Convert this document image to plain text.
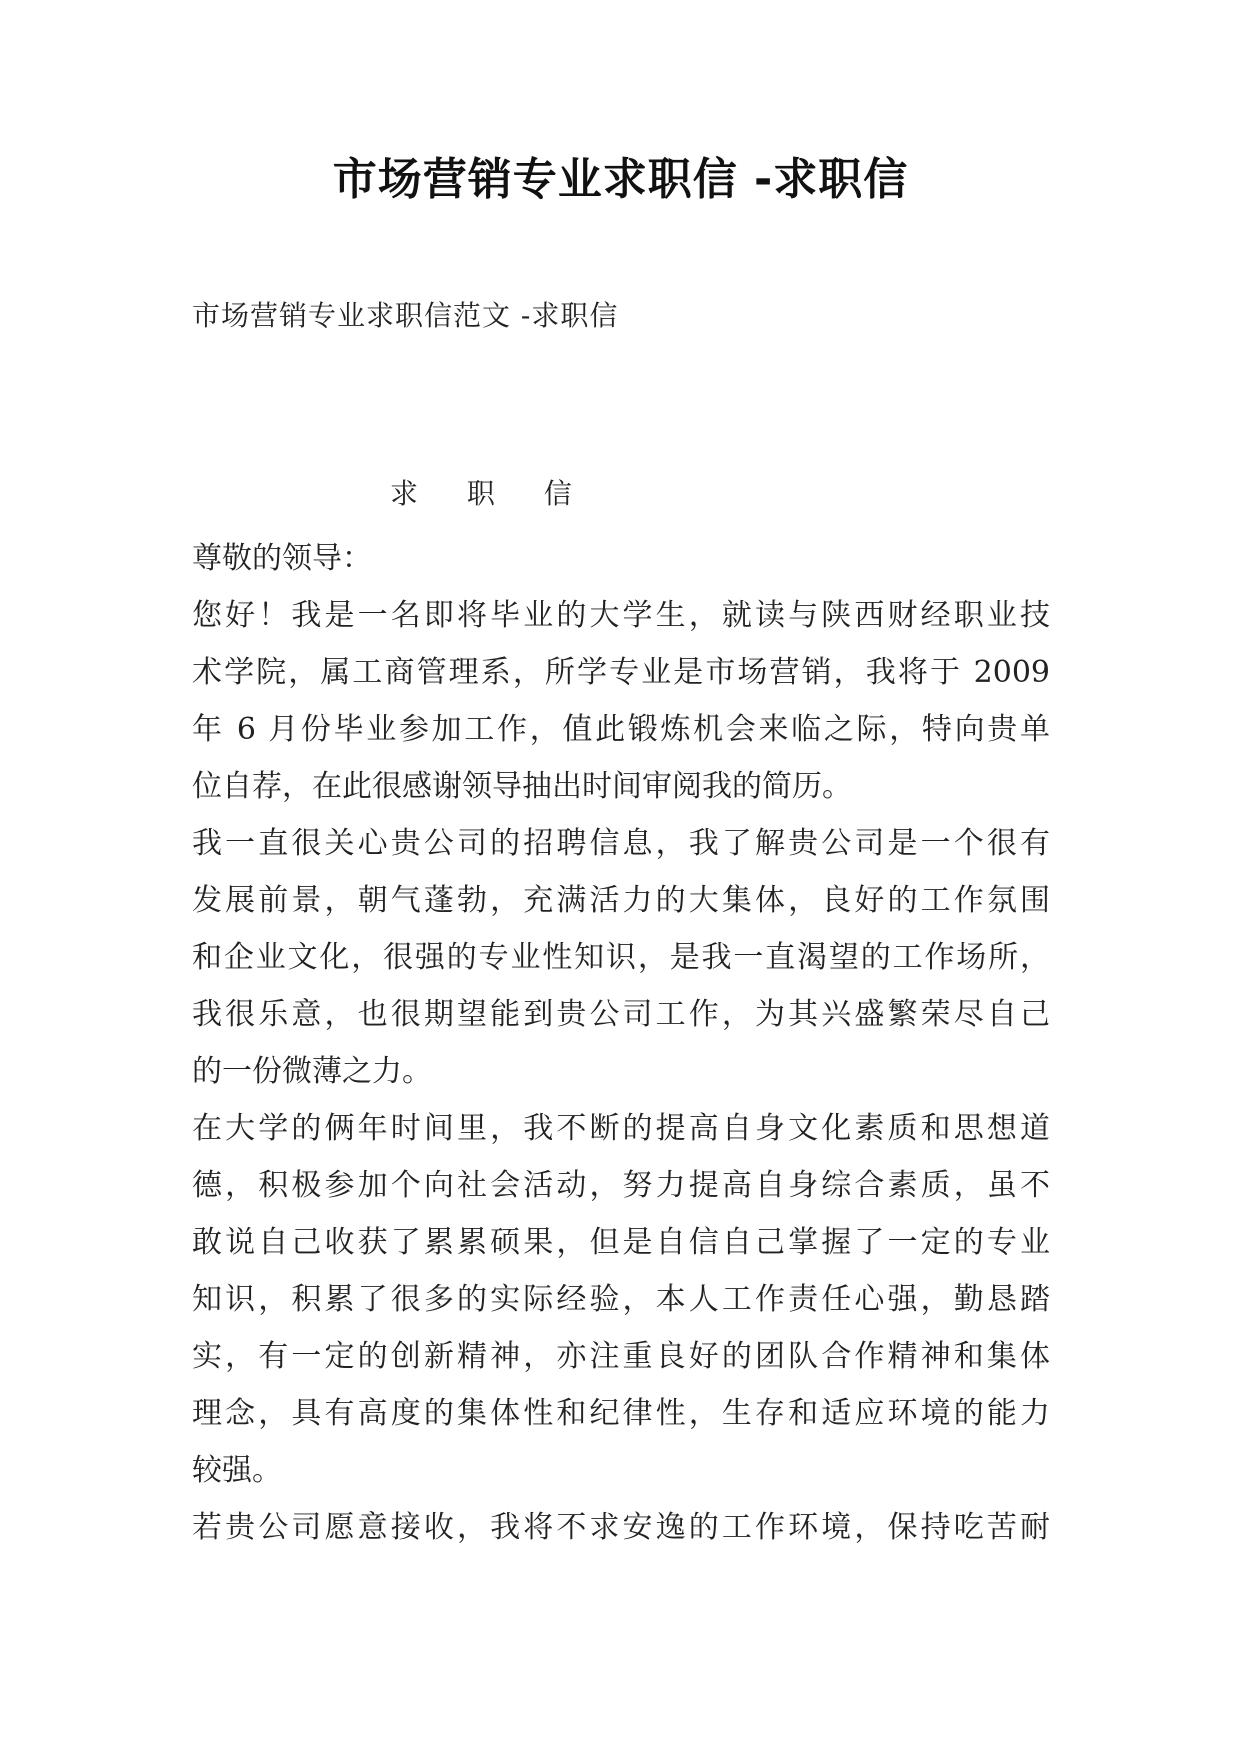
市场营销专业求职信 -求职信
市场营销专业求职信范文 -求职信
求 职 信
尊敬的领导：
您好！我是一名即将毕业的大学生，就读与陕西财经职业技
术学院，属工商管理系，所学专业是市场营销，我将于 2009
年 6 月份毕业参加工作，值此锻炼机会来临之际，特向贵单
位自荐，在此很感谢领导抽出时间审阅我的简历。
我一直很关心贵公司的招聘信息，我了解贵公司是一个很有
发展前景，朝气蓬勃，充满活力的大集体，良好的工作氛围
和企业文化，很强的专业性知识，是我一直渴望的工作场所，
我很乐意，也很期望能到贵公司工作，为其兴盛繁荣尽自己
的一份微薄之力。
在大学的俩年时间里，我不断的提高自身文化素质和思想道
德，积极参加个向社会活动，努力提高自身综合素质，虽不
敢说自己收获了累累硕果，但是自信自己掌握了一定的专业
知识，积累了很多的实际经验，本人工作责任心强，勤恳踏
实，有一定的创新精神，亦注重良好的团队合作精神和集体
理念，具有高度的集体性和纪律性，生存和适应环境的能力
较强。
若贵公司愿意接收，我将不求安逸的工作环境，保持吃苦耐
